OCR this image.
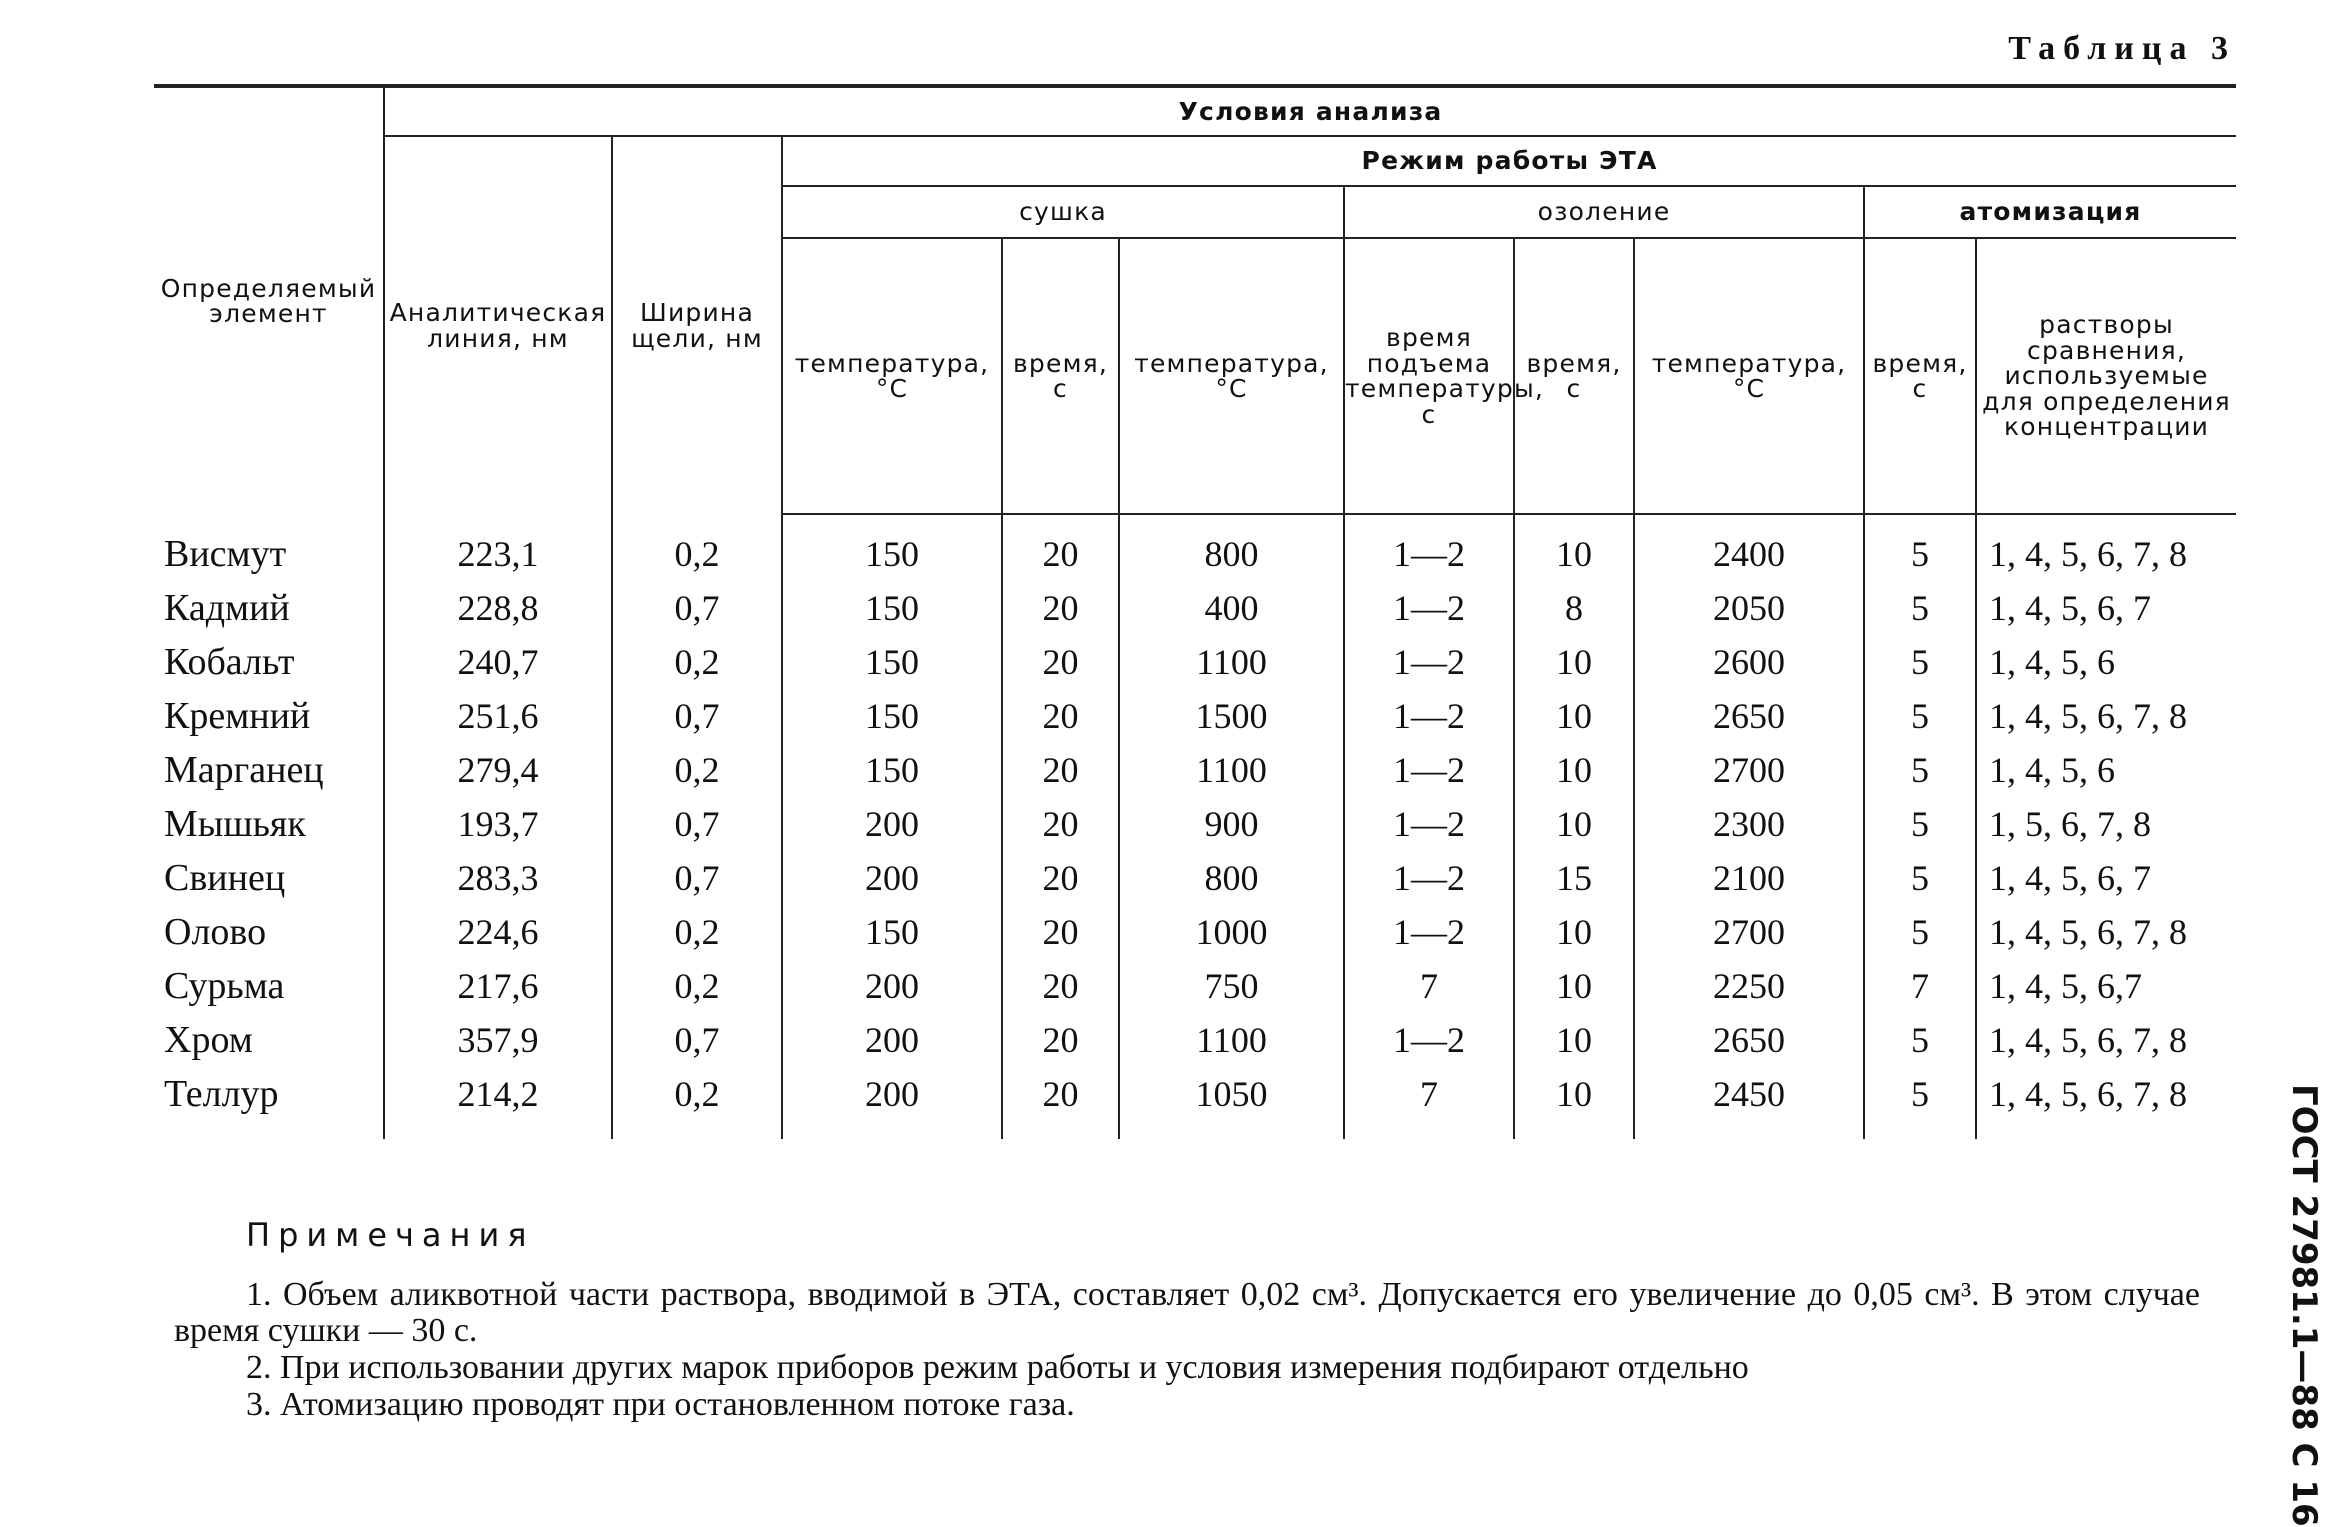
Таблица 3
Определяемый элемент	Условия анализа									
	Аналитическая линия, нм	Ширина щели, нм	Режим работы ЭТА							
			сушка			озоление			атомизация	
			температура, °С	время, с	температура, °С	время подъема температуры, с	время, с	температура, °С	время, с	растворы сравнения, используемые для определения концентрации
Висмут	223,1	0,2	150	20	800	1—2	10	2400	5	1, 4, 5, 6, 7, 8
Кадмий	228,8	0,7	150	20	400	1—2	8	2050	5	1, 4, 5, 6, 7
Кобальт	240,7	0,2	150	20	1100	1—2	10	2600	5	1, 4, 5, 6
Кремний	251,6	0,7	150	20	1500	1—2	10	2650	5	1, 4, 5, 6, 7, 8
Марганец	279,4	0,2	150	20	1100	1—2	10	2700	5	1, 4, 5, 6
Мышьяк	193,7	0,7	200	20	900	1—2	10	2300	5	1, 5, 6, 7, 8
Свинец	283,3	0,7	200	20	800	1—2	15	2100	5	1, 4, 5, 6, 7
Олово	224,6	0,2	150	20	1000	1—2	10	2700	5	1, 4, 5, 6, 7, 8
Сурьма	217,6	0,2	200	20	750	7	10	2250	7	1, 4, 5, 6,7
Хром	357,9	0,7	200	20	1100	1—2	10	2650	5	1, 4, 5, 6, 7, 8
Теллур	214,2	0,2	200	20	1050	7	10	2450	5	1, 4, 5, 6, 7, 8
Примечания

1. Объем аликвотной части раствора, вводимой в ЭТА, составляет 0,02 см³. Допускается его увеличение до 0,05 см³. В этом случае время сушки — 30 с.

2. При использовании других марок приборов режим работы и условия измерения подбирают отдельно

3. Атомизацию проводят при остановленном потоке газа.	ГОСТ 27981.1—88 С 16
